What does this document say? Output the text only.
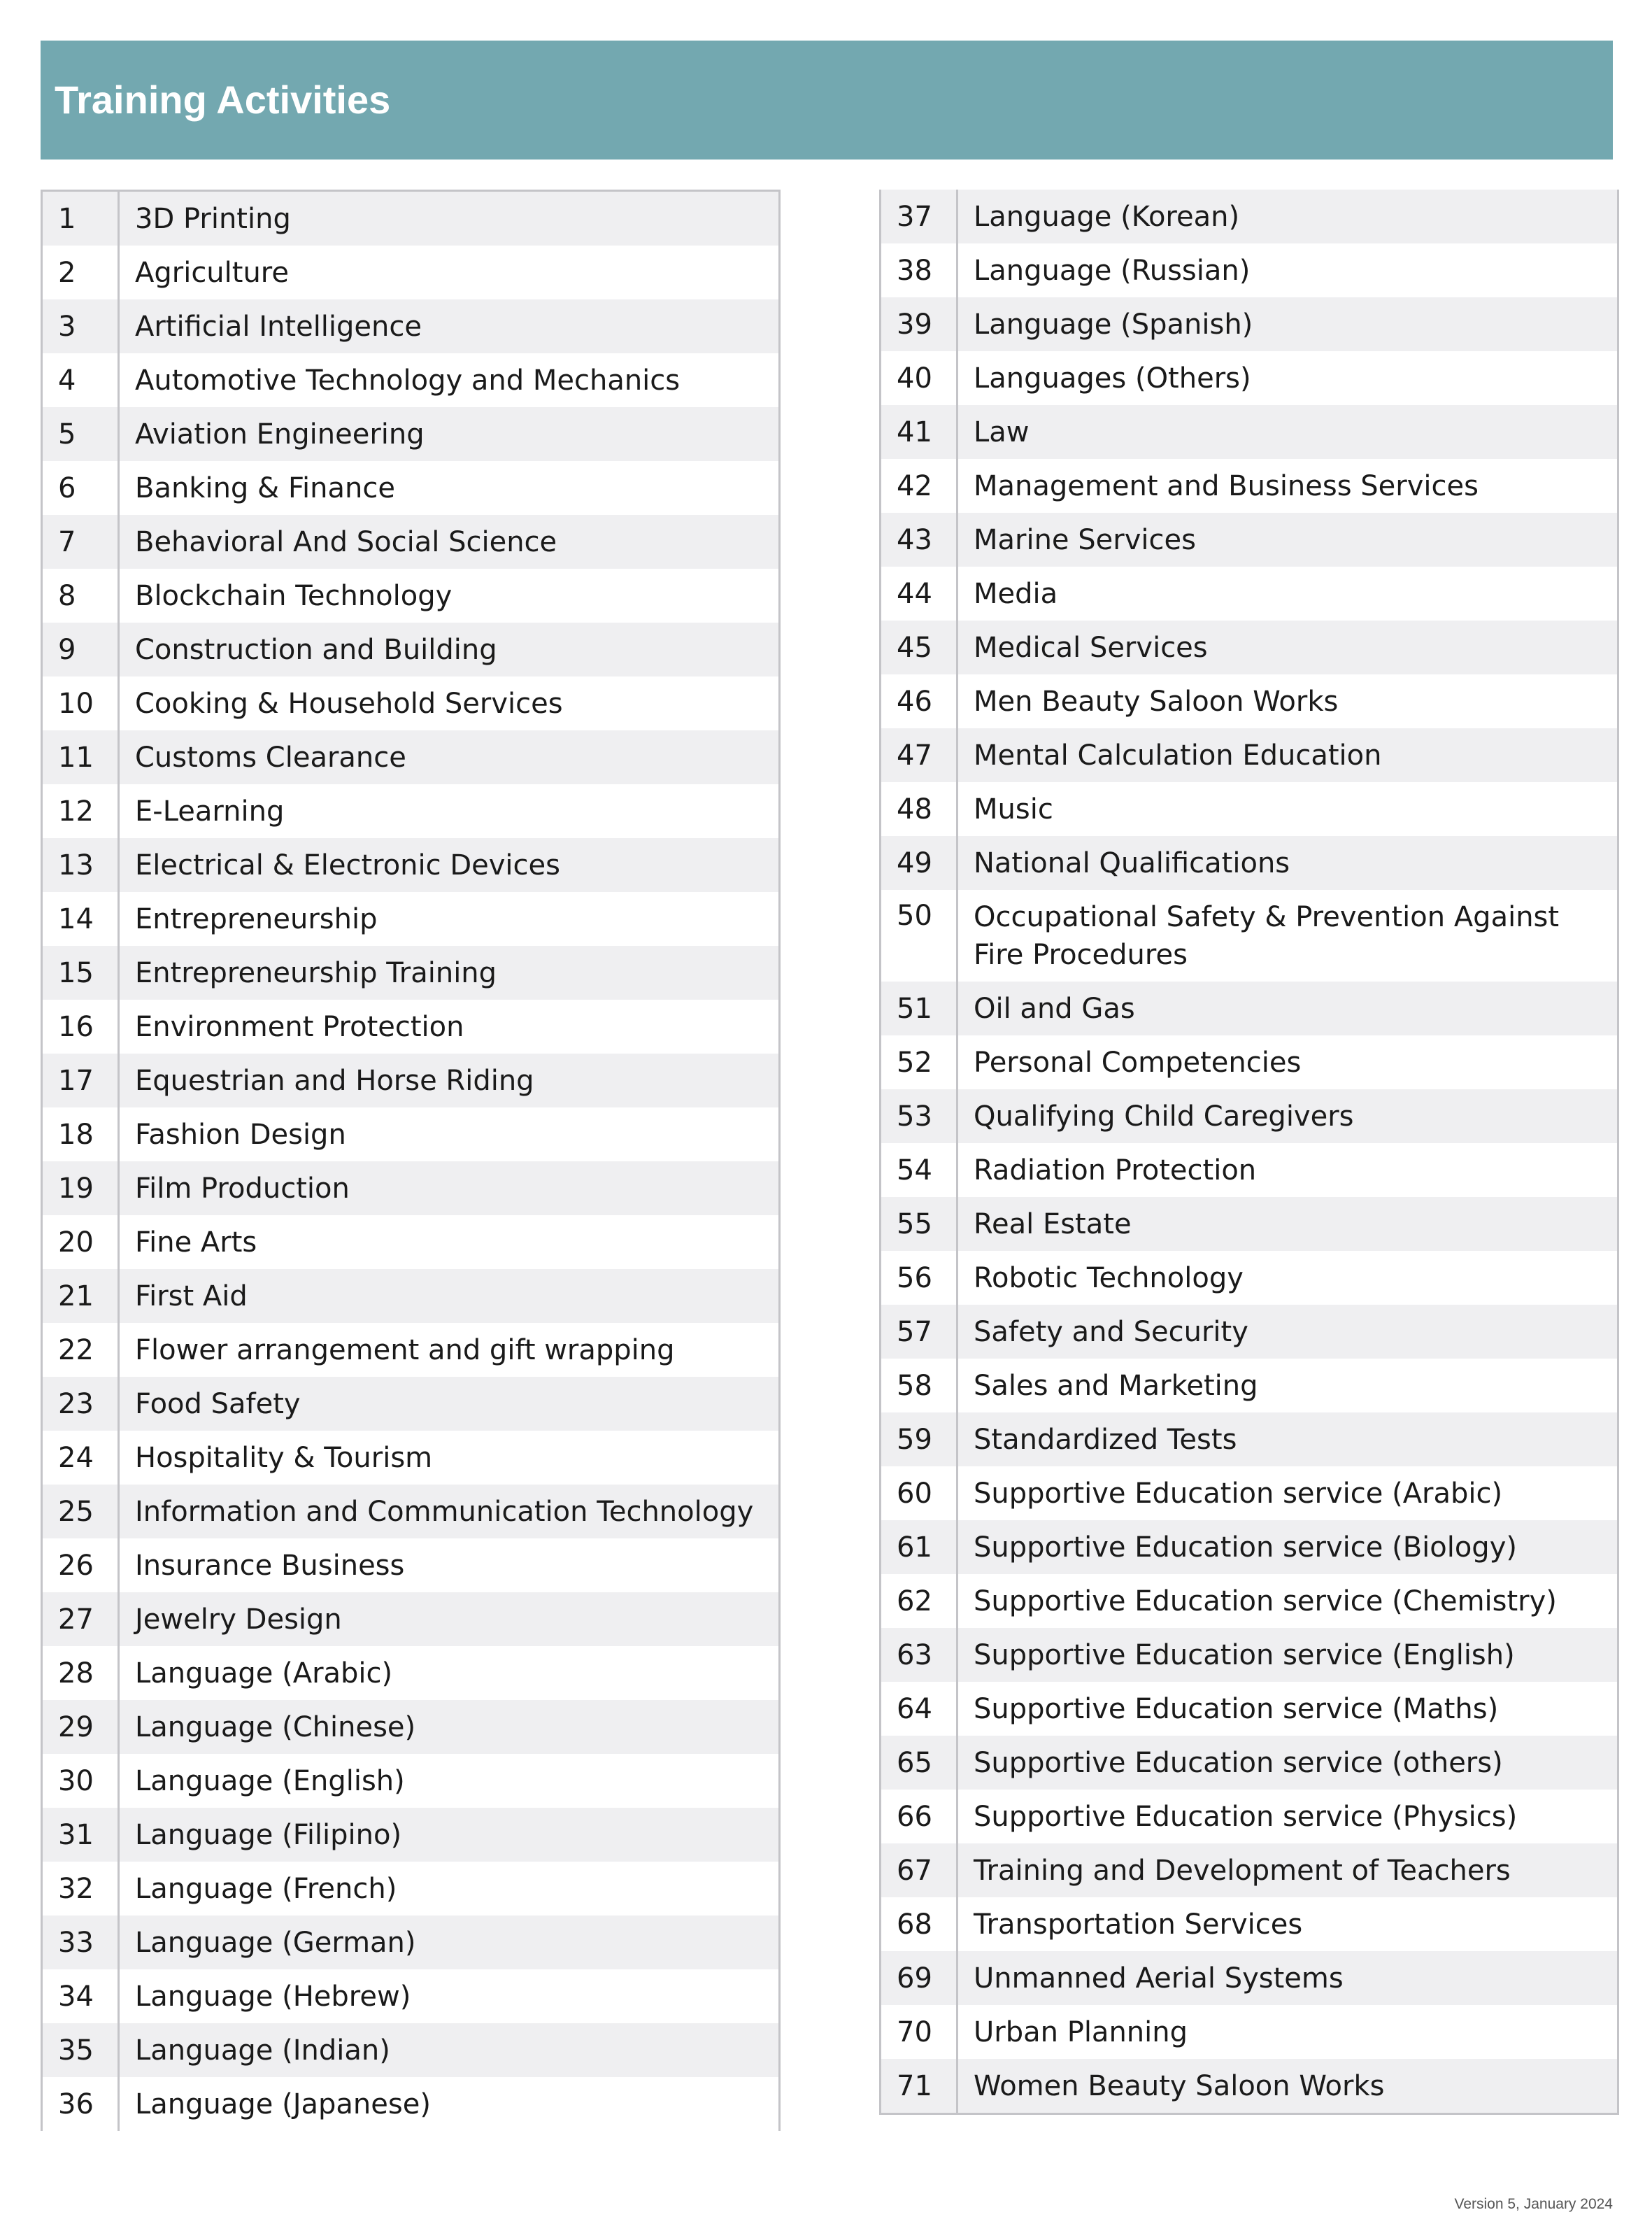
Training Activities
1	3D Printing
2	Agriculture
3	Artificial Intelligence
4	Automotive Technology and Mechanics
5	Aviation Engineering
6	Banking & Finance
7	Behavioral And Social Science
8	Blockchain Technology
9	Construction and Building
10	Cooking & Household Services
11	Customs Clearance
12	E-Learning
13	Electrical & Electronic Devices
14	Entrepreneurship
15	Entrepreneurship Training
16	Environment Protection
17	Equestrian and Horse Riding
18	Fashion Design
19	Film Production
20	Fine Arts
21	First Aid
22	Flower arrangement and gift wrapping
23	Food Safety
24	Hospitality & Tourism
25	Information and Communication Technology
26	Insurance Business
27	Jewelry Design
28	Language (Arabic)
29	Language (Chinese)
30	Language (English)
31	Language (Filipino)
32	Language (French)
33	Language (German)
34	Language (Hebrew)
35	Language (Indian)
36	Language (Japanese)
37	Language (Korean)
38	Language (Russian)
39	Language (Spanish)
40	Languages (Others)
41	Law
42	Management and Business Services
43	Marine Services
44	Media
45	Medical Services
46	Men Beauty Saloon Works
47	Mental Calculation Education
48	Music
49	National Qualifications
50	Occupational Safety & Prevention Against Fire Procedures
51	Oil and Gas
52	Personal Competencies
53	Qualifying Child Caregivers
54	Radiation Protection
55	Real Estate
56	Robotic Technology
57	Safety and Security
58	Sales and Marketing
59	Standardized Tests
60	Supportive Education service (Arabic)
61	Supportive Education service (Biology)
62	Supportive Education service (Chemistry)
63	Supportive Education service (English)
64	Supportive Education service (Maths)
65	Supportive Education service (others)
66	Supportive Education service (Physics)
67	Training and Development of Teachers
68	Transportation Services
69	Unmanned Aerial Systems
70	Urban Planning
71	Women Beauty Saloon Works
Version 5, January 2024
